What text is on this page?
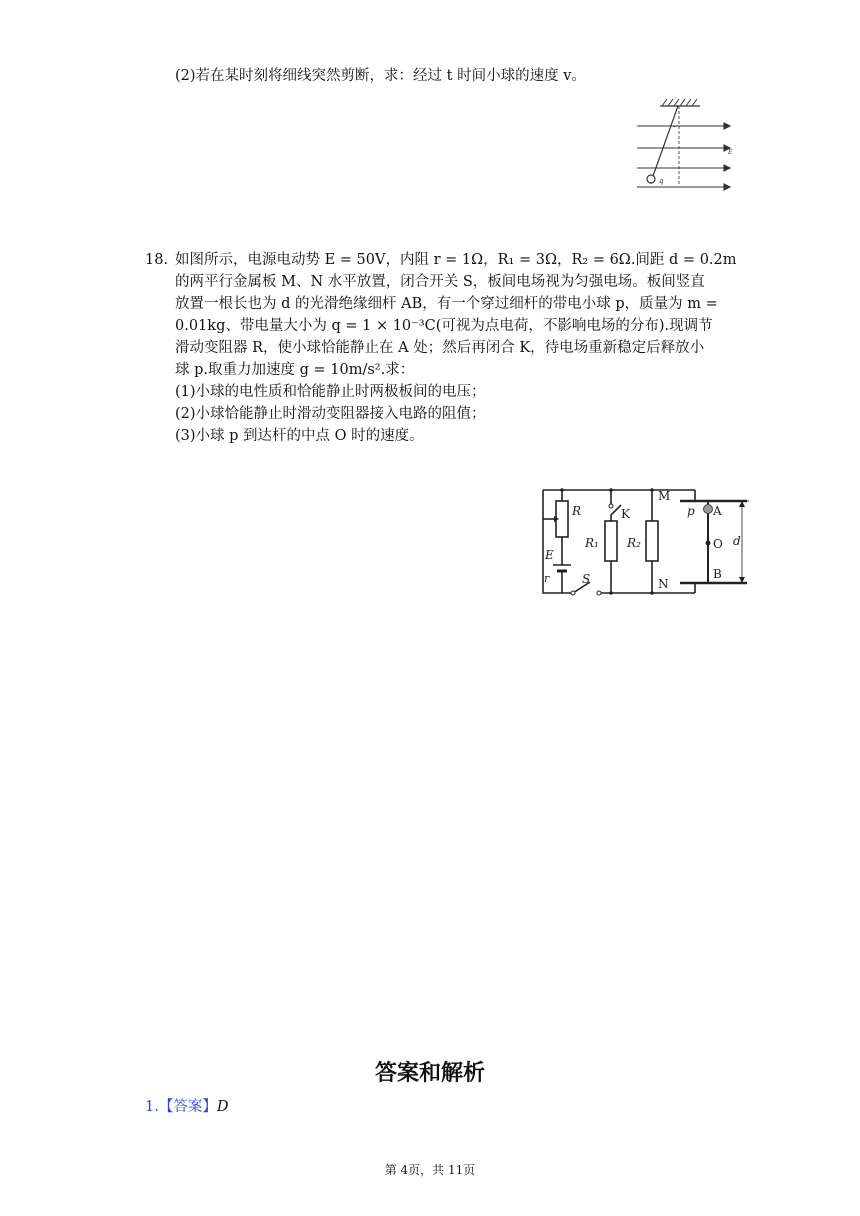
(2)若在某时刻将细线突然剪断，求：经过 t 时间小球的速度 v。
q
E
18. 如图所示，电源电动势 E = 50V，内阻 r = 1Ω，R₁ = 3Ω，R₂ = 6Ω.间距 d = 0.2m
的两平行金属板 M、N 水平放置，闭合开关 S，板间电场视为匀强电场。板间竖直
放置一根长也为 d 的光滑绝缘细杆 AB，有一个穿过细杆的带电小球 p，质量为 m =
0.01kg、带电量大小为 q = 1 × 10⁻³C(可视为点电荷，不影响电场的分布).现调节
滑动变阻器 R，使小球恰能静止在 A 处；然后再闭合 K，待电场重新稳定后释放小
球 p.取重力加速度 g = 10m/s².求：
(1)小球的电性质和恰能静止时两极板间的电压；
(2)小球恰能静止时滑动变阻器接入电路的阻值；
(3)小球 p 到达杆的中点 O 时的速度。
R	K
R₁ R₂
E
r	S
M
N
p A
O
B
d
答案和解析
1.【答案】D
第 4页，共 11页
